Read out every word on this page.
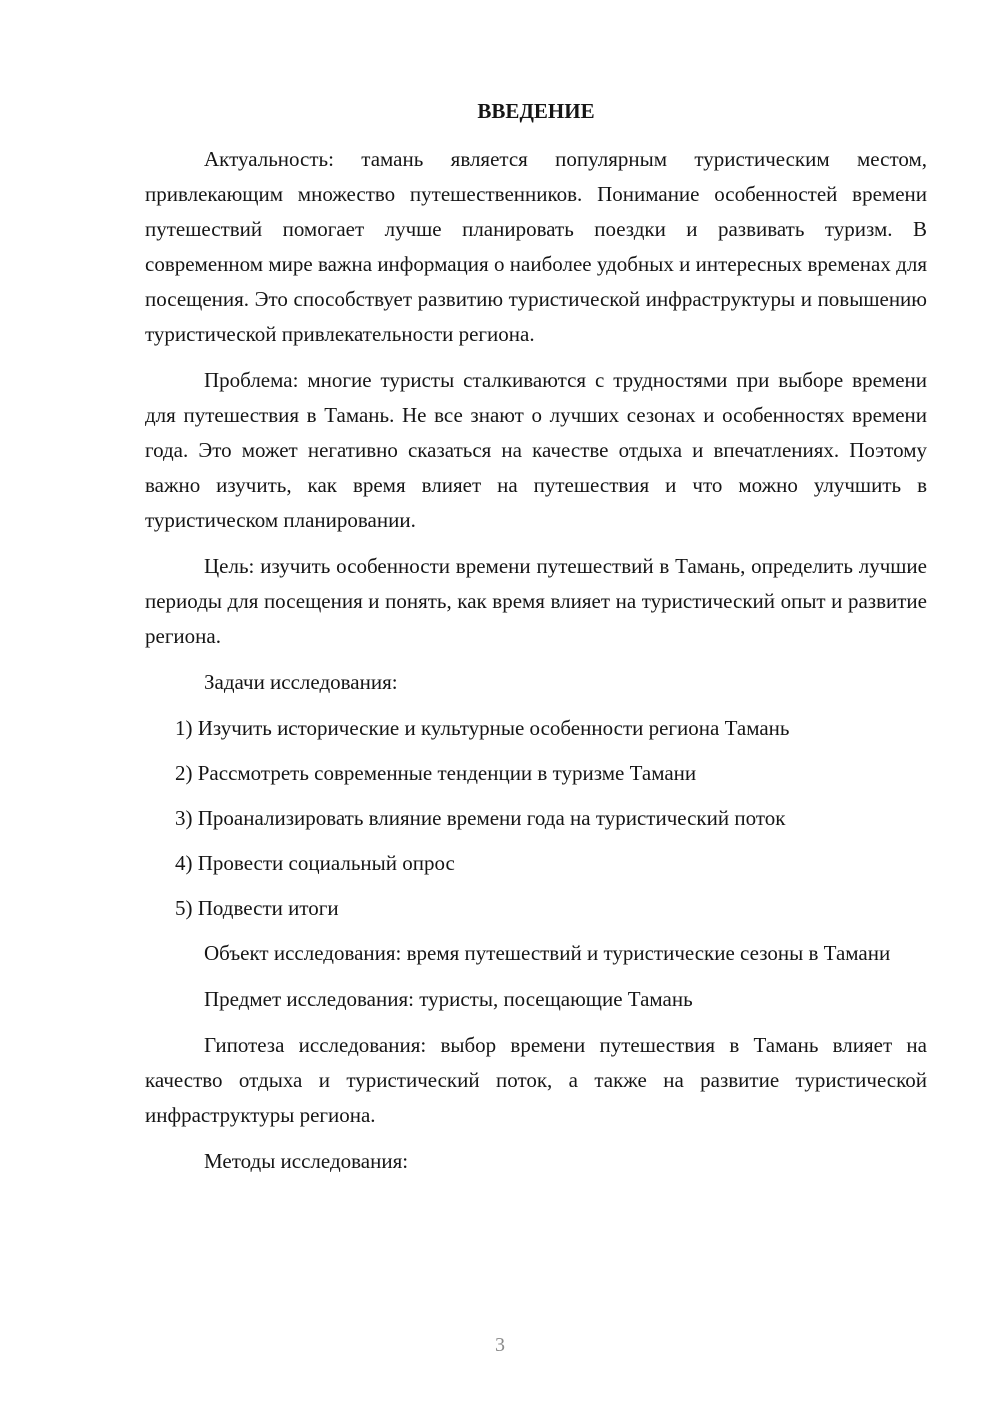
ВВЕДЕНИЕ

Актуальность: тамань является популярным туристическим местом, привлекающим множество путешественников. Понимание особенностей времени путешествий помогает лучше планировать поездки и развивать туризм. В современном мире важна информация о наиболее удобных и интересных временах для посещения. Это способствует развитию туристической инфраструктуры и повышению туристической привлекательности региона.

Проблема: многие туристы сталкиваются с трудностями при выборе времени для путешествия в Тамань. Не все знают о лучших сезонах и особенностях времени года. Это может негативно сказаться на качестве отдыха и впечатлениях. Поэтому важно изучить, как время влияет на путешествия и что можно улучшить в туристическом планировании.

Цель: изучить особенности времени путешествий в Тамань, определить лучшие периоды для посещения и понять, как время влияет на туристический опыт и развитие региона.

Задачи исследования:

1) Изучить исторические и культурные особенности региона Тамань
2) Рассмотреть современные тенденции в туризме Тамани
3) Проанализировать влияние времени года на туристический поток
4) Провести социальный опрос
5) Подвести итоги

Объект исследования: время путешествий и туристические сезоны в Тамани

Предмет исследования: туристы, посещающие Тамань

Гипотеза исследования: выбор времени путешествия в Тамань влияет на качество отдыха и туристический поток, а также на развитие туристической инфраструктуры региона.

Методы исследования:

3
